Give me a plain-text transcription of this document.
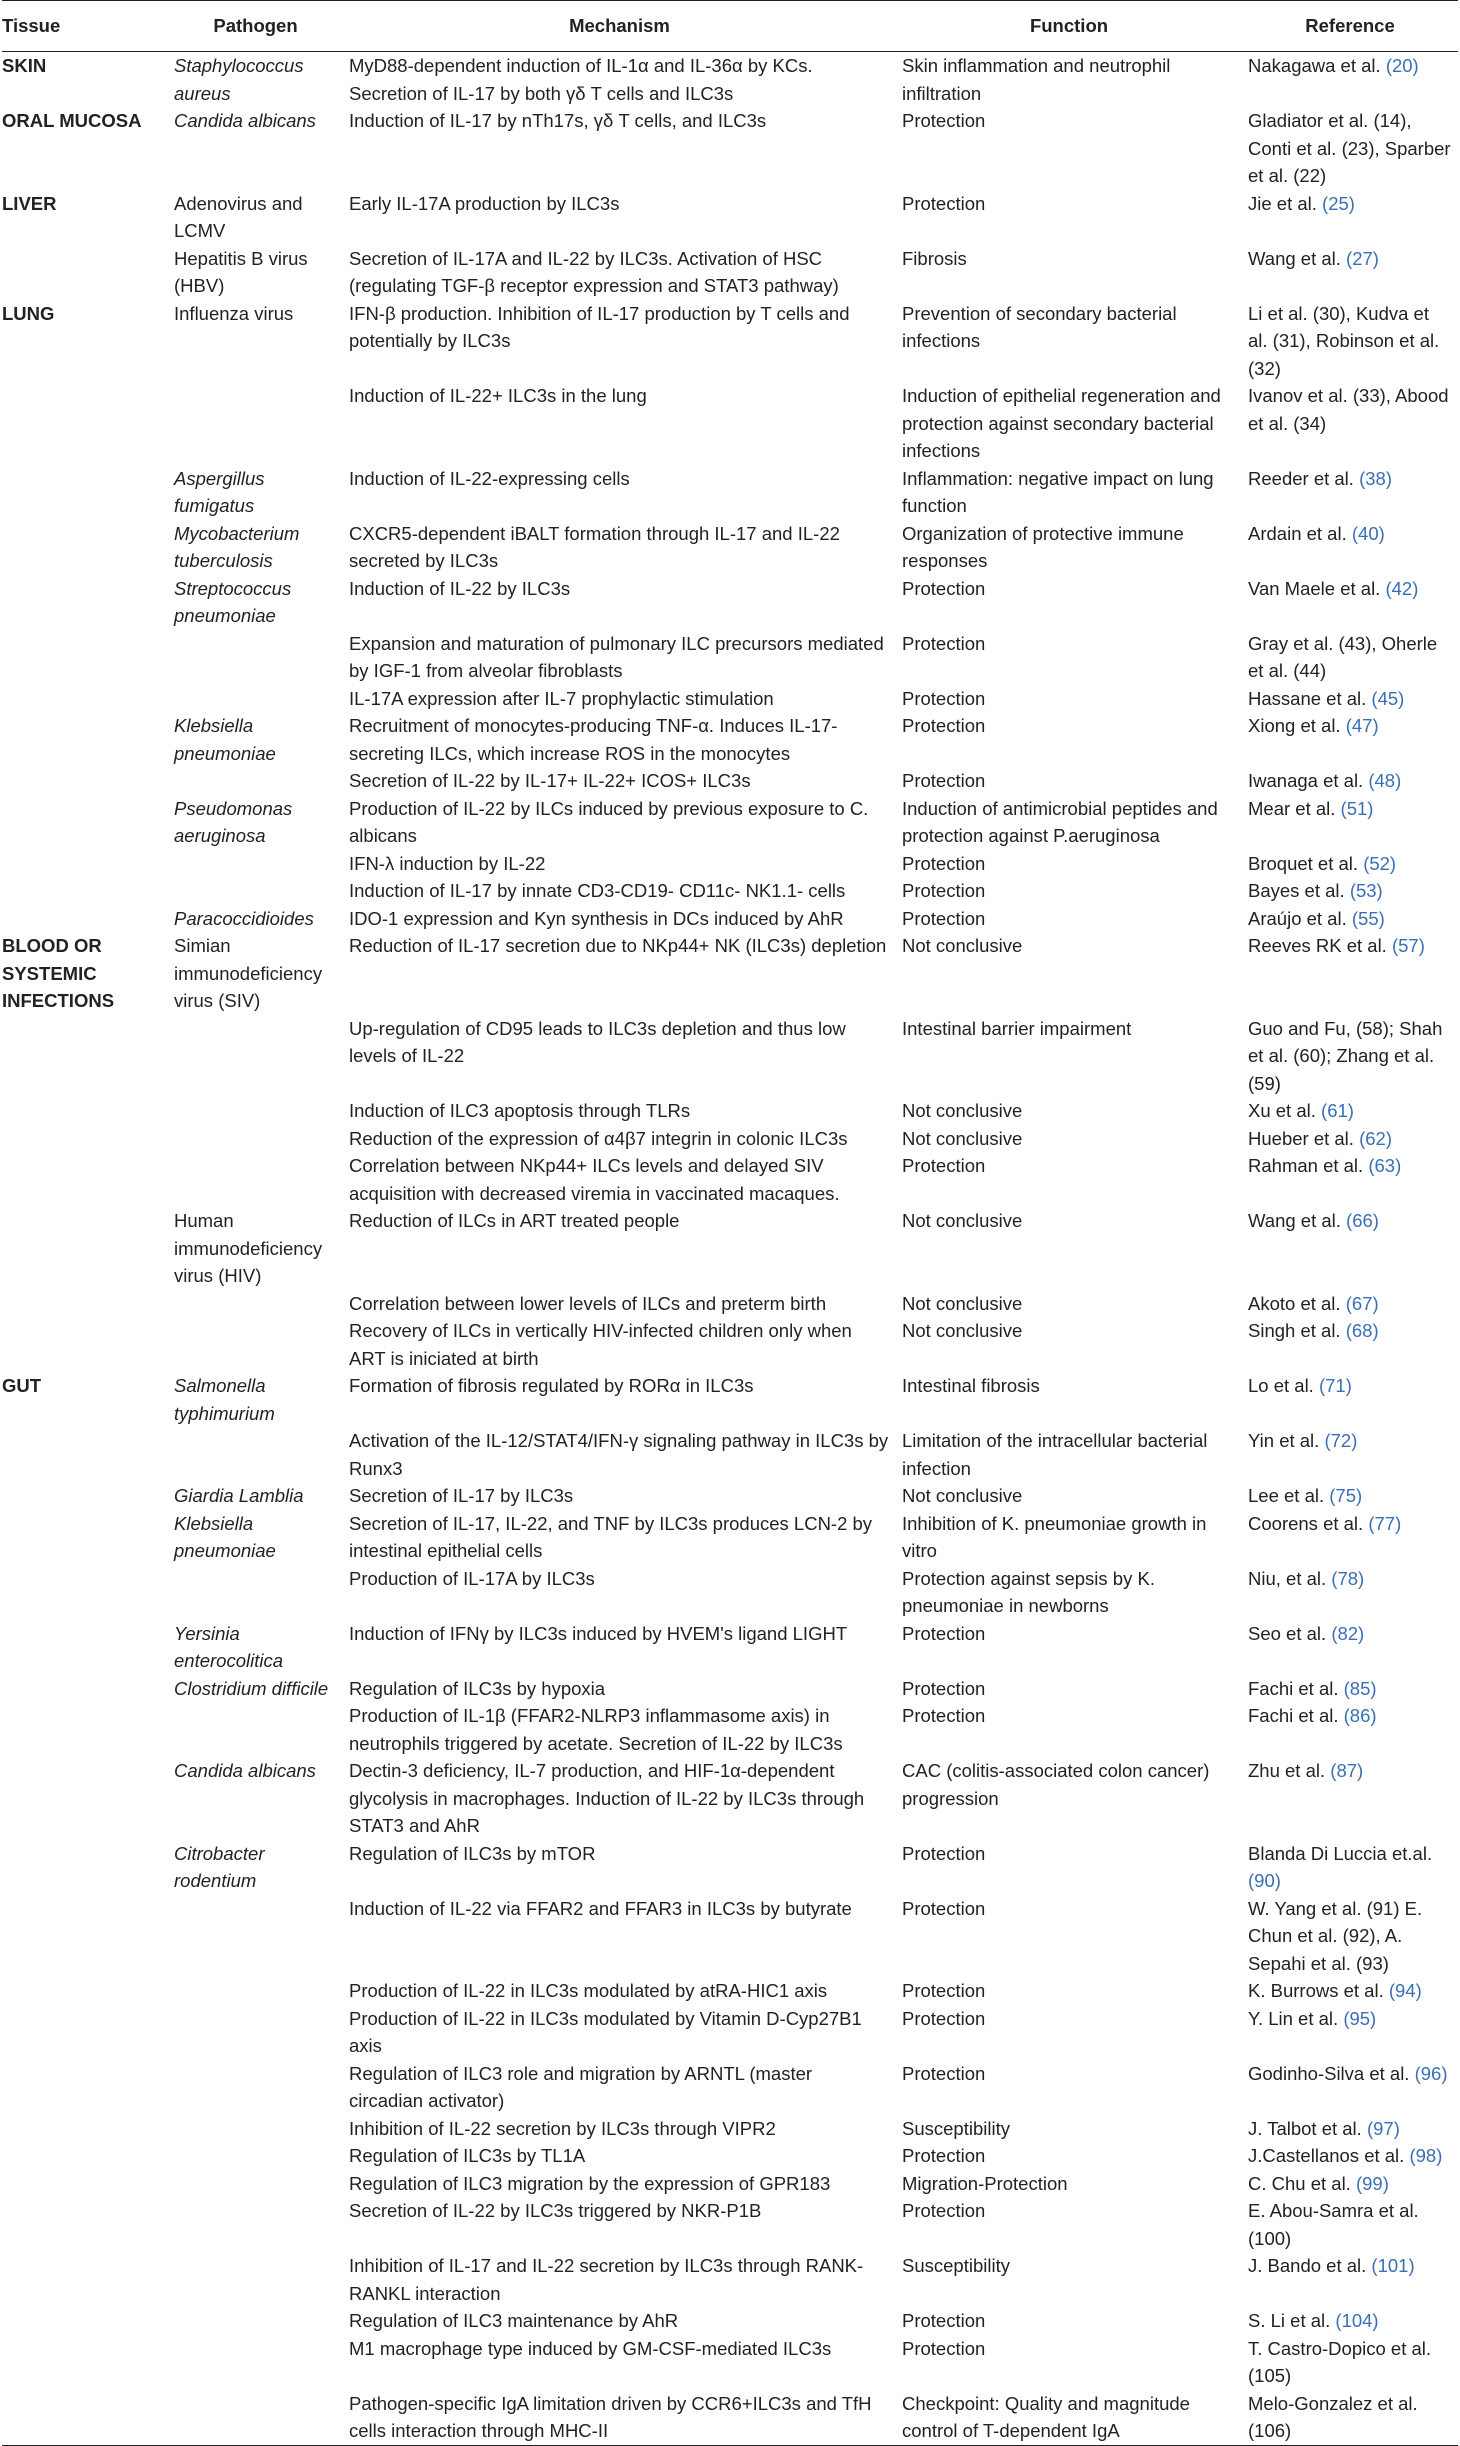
Tissue	Pathogen	Mechanism	Function	Reference
SKIN	Staphylococcus aureus	MyD88-dependent induction of IL-1α and IL-36α by KCs. Secretion of IL-17 by both γδ T cells and ILC3s	Skin inflammation and neutrophil infiltration	Nakagawa et al. (20)
ORAL MUCOSA	Candida albicans	Induction of IL-17 by nTh17s, γδ T cells, and ILC3s	Protection	Gladiator et al. (14), Conti et al. (23), Sparber et al. (22)
LIVER	Adenovirus and LCMV	Early IL-17A production by ILC3s	Protection	Jie et al. (25)
	Hepatitis B virus (HBV)	Secretion of IL-17A and IL-22 by ILC3s. Activation of HSC (regulating TGF-β receptor expression and STAT3 pathway)	Fibrosis	Wang et al. (27)
LUNG	Influenza virus	IFN-β production. Inhibition of IL-17 production by T cells and potentially by ILC3s	Prevention of secondary bacterial infections	Li et al. (30), Kudva et al. (31), Robinson et al. (32)
		Induction of IL-22+ ILC3s in the lung	Induction of epithelial regeneration and protection against secondary bacterial infections	Ivanov et al. (33), Abood et al. (34)
	Aspergillus fumigatus	Induction of IL-22-expressing cells	Inflammation: negative impact on lung function	Reeder et al. (38)
	Mycobacterium tuberculosis	CXCR5-dependent iBALT formation through IL-17 and IL-22 secreted by ILC3s	Organization of protective immune responses	Ardain et al. (40)
	Streptococcus pneumoniae	Induction of IL-22 by ILC3s	Protection	Van Maele et al. (42)
		Expansion and maturation of pulmonary ILC precursors mediated by IGF-1 from alveolar fibroblasts	Protection	Gray et al. (43), Oherle et al. (44)
		IL-17A expression after IL-7 prophylactic stimulation	Protection	Hassane et al. (45)
	Klebsiella pneumoniae	Recruitment of monocytes-producing TNF-α. Induces IL-17-secreting ILCs, which increase ROS in the monocytes	Protection	Xiong et al. (47)
		Secretion of IL-22 by IL-17+ IL-22+ ICOS+ ILC3s	Protection	Iwanaga et al. (48)
	Pseudomonas aeruginosa	Production of IL-22 by ILCs induced by previous exposure to C. albicans	Induction of antimicrobial peptides and protection against P.aeruginosa	Mear et al. (51)
		IFN-λ induction by IL-22	Protection	Broquet et al. (52)
		Induction of IL-17 by innate CD3-CD19- CD11c- NK1.1- cells	Protection	Bayes et al. (53)
	Paracoccidioides	IDO-1 expression and Kyn synthesis in DCs induced by AhR	Protection	Araújo et al. (55)
BLOOD OR SYSTEMIC INFECTIONS	Simian immunodeficiency virus (SIV)	Reduction of IL-17 secretion due to NKp44+ NK (ILC3s) depletion	Not conclusive	Reeves RK et al. (57)
		Up-regulation of CD95 leads to ILC3s depletion and thus low levels of IL-22	Intestinal barrier impairment	Guo and Fu, (58); Shah et al. (60); Zhang et al. (59)
		Induction of ILC3 apoptosis through TLRs	Not conclusive	Xu et al. (61)
		Reduction of the expression of α4β7 integrin in colonic ILC3s	Not conclusive	Hueber et al. (62)
		Correlation between NKp44+ ILCs levels and delayed SIV acquisition with decreased viremia in vaccinated macaques.	Protection	Rahman et al. (63)
	Human immunodeficiency virus (HIV)	Reduction of ILCs in ART treated people	Not conclusive	Wang et al. (66)
		Correlation between lower levels of ILCs and preterm birth	Not conclusive	Akoto et al. (67)
		Recovery of ILCs in vertically HIV-infected children only when ART is iniciated at birth	Not conclusive	Singh et al. (68)
GUT	Salmonella typhimurium	Formation of fibrosis regulated by RORα in ILC3s	Intestinal fibrosis	Lo et al. (71)
		Activation of the IL-12/STAT4/IFN-γ signaling pathway in ILC3s by Runx3	Limitation of the intracellular bacterial infection	Yin et al. (72)
	Giardia Lamblia	Secretion of IL-17 by ILC3s	Not conclusive	Lee et al. (75)
	Klebsiella pneumoniae	Secretion of IL-17, IL-22, and TNF by ILC3s produces LCN-2 by intestinal epithelial cells	Inhibition of K. pneumoniae growth in vitro	Coorens et al. (77)
		Production of IL-17A by ILC3s	Protection against sepsis by K. pneumoniae in newborns	Niu, et al. (78)
	Yersinia enterocolitica	Induction of IFNγ by ILC3s induced by HVEM's ligand LIGHT	Protection	Seo et al. (82)
	Clostridium difficile	Regulation of ILC3s by hypoxia	Protection	Fachi et al. (85)
		Production of IL-1β (FFAR2-NLRP3 inflammasome axis) in neutrophils triggered by acetate. Secretion of IL-22 by ILC3s	Protection	Fachi et al. (86)
	Candida albicans	Dectin-3 deficiency, IL-7 production, and HIF-1α-dependent glycolysis in macrophages. Induction of IL-22 by ILC3s through STAT3 and AhR	CAC (colitis-associated colon cancer) progression	Zhu et al. (87)
	Citrobacter rodentium	Regulation of ILC3s by mTOR	Protection	Blanda Di Luccia et.al. (90)
		Induction of IL-22 via FFAR2 and FFAR3 in ILC3s by butyrate	Protection	W. Yang et al. (91) E. Chun et al. (92), A. Sepahi et al. (93)
		Production of IL-22 in ILC3s modulated by atRA-HIC1 axis	Protection	K. Burrows et al. (94)
		Production of IL-22 in ILC3s modulated by Vitamin D-Cyp27B1 axis	Protection	Y. Lin et al. (95)
		Regulation of ILC3 role and migration by ARNTL (master circadian activator)	Protection	Godinho-Silva et al. (96)
		Inhibition of IL-22 secretion by ILC3s through VIPR2	Susceptibility	J. Talbot et al. (97)
		Regulation of ILC3s by TL1A	Protection	J.Castellanos et al. (98)
		Regulation of ILC3 migration by the expression of GPR183	Migration-Protection	C. Chu et al. (99)
		Secretion of IL-22 by ILC3s triggered by NKR-P1B	Protection	E. Abou-Samra et al. (100)
		Inhibition of IL-17 and IL-22 secretion by ILC3s through RANK-RANKL interaction	Susceptibility	J. Bando et al. (101)
		Regulation of ILC3 maintenance by AhR	Protection	S. Li et al. (104)
		M1 macrophage type induced by GM-CSF-mediated ILC3s	Protection	T. Castro-Dopico et al. (105)
		Pathogen-specific IgA limitation driven by CCR6+ILC3s and TfH cells interaction through MHC-II	Checkpoint: Quality and magnitude control of T-dependent IgA	Melo-Gonzalez et al. (106)
